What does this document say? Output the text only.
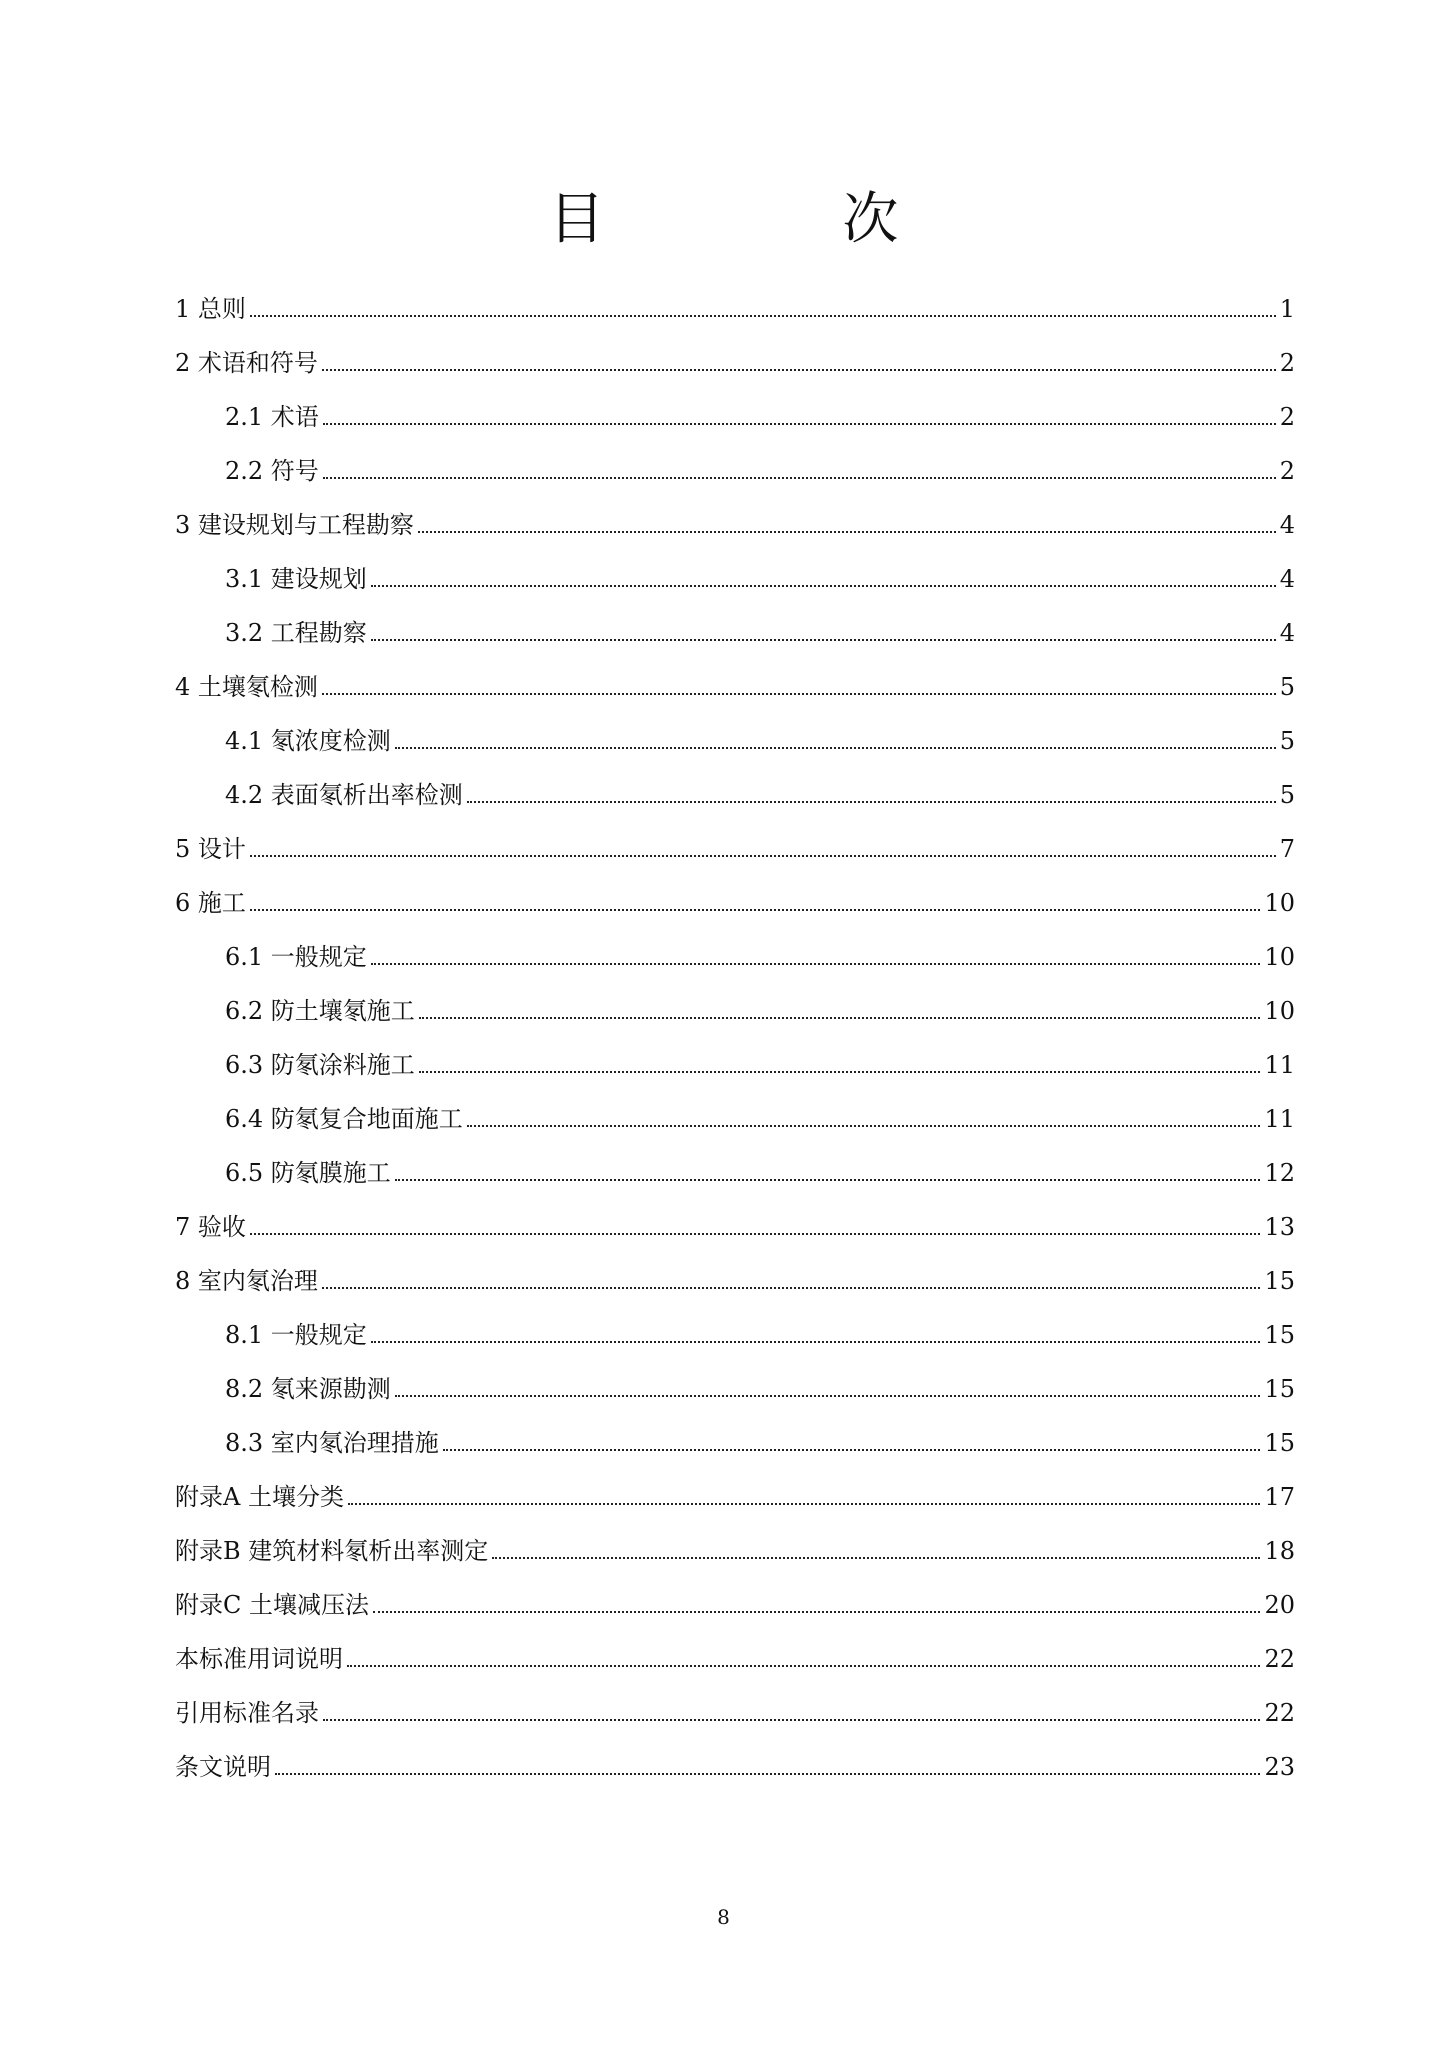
目 次
1 总则	1
2 术语和符号	2
2.1 术语	2
2.2 符号	2
3 建设规划与工程勘察	4
3.1 建设规划	4
3.2 工程勘察	4
4 土壤氡检测	5
4.1 氡浓度检测	5
4.2 表面氡析出率检测	5
5 设计	7
6 施工	10
6.1 一般规定	10
6.2 防土壤氡施工	10
6.3 防氡涂料施工	11
6.4 防氡复合地面施工	11
6.5 防氡膜施工	12
7 验收	13
8 室内氡治理	15
8.1 一般规定	15
8.2 氡来源勘测	15
8.3 室内氡治理措施	15
附录A 土壤分类	17
附录B 建筑材料氡析出率测定	18
附录C 土壤减压法	20
本标准用词说明	22
引用标准名录	22
条文说明	23
8
